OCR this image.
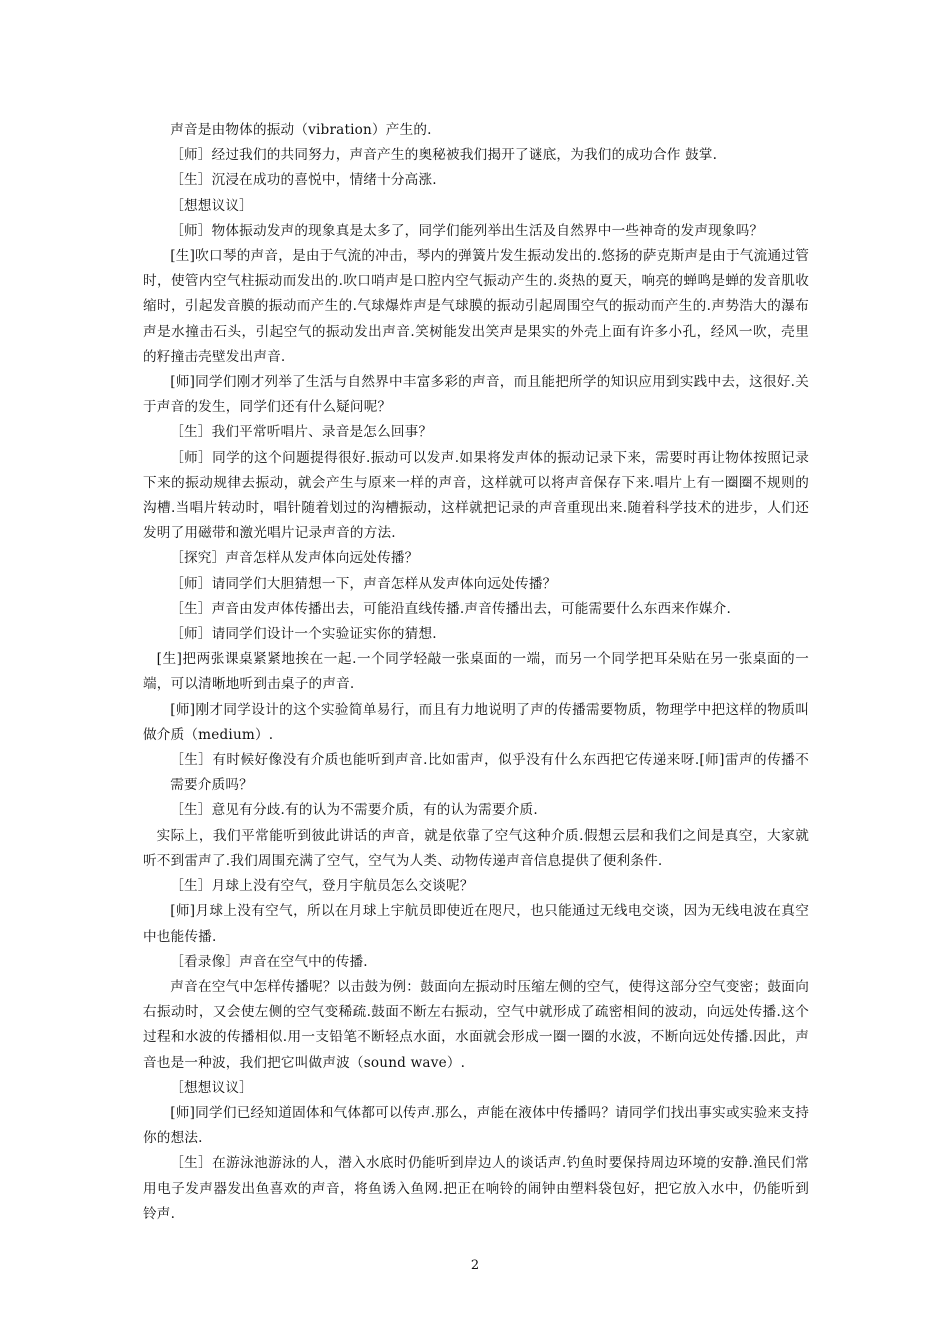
声音是由物体的振动（vibration）产生的.

［师］经过我们的共同努力，声音产生的奥秘被我们揭开了谜底，为我们的成功合作 鼓掌.

［生］沉浸在成功的喜悦中，情绪十分高涨.

［想想议议］

［师］物体振动发声的现象真是太多了，同学们能列举出生活及自然界中一些神奇的发声现象吗？

[生]吹口琴的声音，是由于气流的冲击，琴内的弹簧片发生振动发出的.悠扬的萨克斯声是由于气流通过管时，使管内空气柱振动而发出的.吹口哨声是口腔内空气振动产生的.炎热的夏天，响亮的蝉鸣是蝉的发音肌收缩时，引起发音膜的振动而产生的.气球爆炸声是气球膜的振动引起周围空气的振动而产生的.声势浩大的瀑布声是水撞击石头，引起空气的振动发出声音.笑树能发出笑声是果实的外壳上面有许多小孔，经风一吹，壳里的籽撞击壳壁发出声音.

[师]同学们刚才列举了生活与自然界中丰富多彩的声音，而且能把所学的知识应用到实践中去，这很好.关于声音的发生，同学们还有什么疑问呢？

［生］我们平常听唱片、录音是怎么回事？

［师］同学的这个问题提得很好.振动可以发声.如果将发声体的振动记录下来，需要时再让物体按照记录下来的振动规律去振动，就会产生与原来一样的声音，这样就可以将声音保存下来.唱片上有一圈圈不规则的沟槽.当唱片转动时，唱针随着划过的沟槽振动，这样就把记录的声音重现出来.随着科学技术的进步，人们还发明了用磁带和激光唱片记录声音的方法.

［探究］声音怎样从发声体向远处传播？

［师］请同学们大胆猜想一下，声音怎样从发声体向远处传播？

［生］声音由发声体传播出去，可能沿直线传播.声音传播出去，可能需要什么东西来作媒介.

［师］请同学们设计一个实验证实你的猜想.

[生]把两张课桌紧紧地挨在一起.一个同学轻敲一张桌面的一端，而另一个同学把耳朵贴在另一张桌面的一端，可以清晰地听到击桌子的声音.

[师]刚才同学设计的这个实验简单易行，而且有力地说明了声的传播需要物质，物理学中把这样的物质叫做介质（medium）.

［生］有时候好像没有介质也能听到声音.比如雷声，似乎没有什么东西把它传递来呀.[师]雷声的传播不需要介质吗？

［生］意见有分歧.有的认为不需要介质，有的认为需要介质.

实际上，我们平常能听到彼此讲话的声音，就是依靠了空气这种介质.假想云层和我们之间是真空，大家就听不到雷声了.我们周围充满了空气，空气为人类、动物传递声音信息提供了便利条件.

［生］月球上没有空气，登月宇航员怎么交谈呢？

[师]月球上没有空气，所以在月球上宇航员即使近在咫尺，也只能通过无线电交谈，因为无线电波在真空中也能传播.

［看录像］声音在空气中的传播.

声音在空气中怎样传播呢？以击鼓为例：鼓面向左振动时压缩左侧的空气，使得这部分空气变密；鼓面向右振动时，又会使左侧的空气变稀疏.鼓面不断左右振动，空气中就形成了疏密相间的波动，向远处传播.这个过程和水波的传播相似.用一支铅笔不断轻点水面，水面就会形成一圈一圈的水波，不断向远处传播.因此，声音也是一种波，我们把它叫做声波（sound wave）.

［想想议议］

[师]同学们已经知道固体和气体都可以传声.那么，声能在液体中传播吗？请同学们找出事实或实验来支持你的想法.

［生］在游泳池游泳的人，潜入水底时仍能听到岸边人的谈话声.钓鱼时要保持周边环境的安静.渔民们常用电子发声器发出鱼喜欢的声音，将鱼诱入鱼网.把正在响铃的闹钟由塑料袋包好，把它放入水中，仍能听到铃声.

2
